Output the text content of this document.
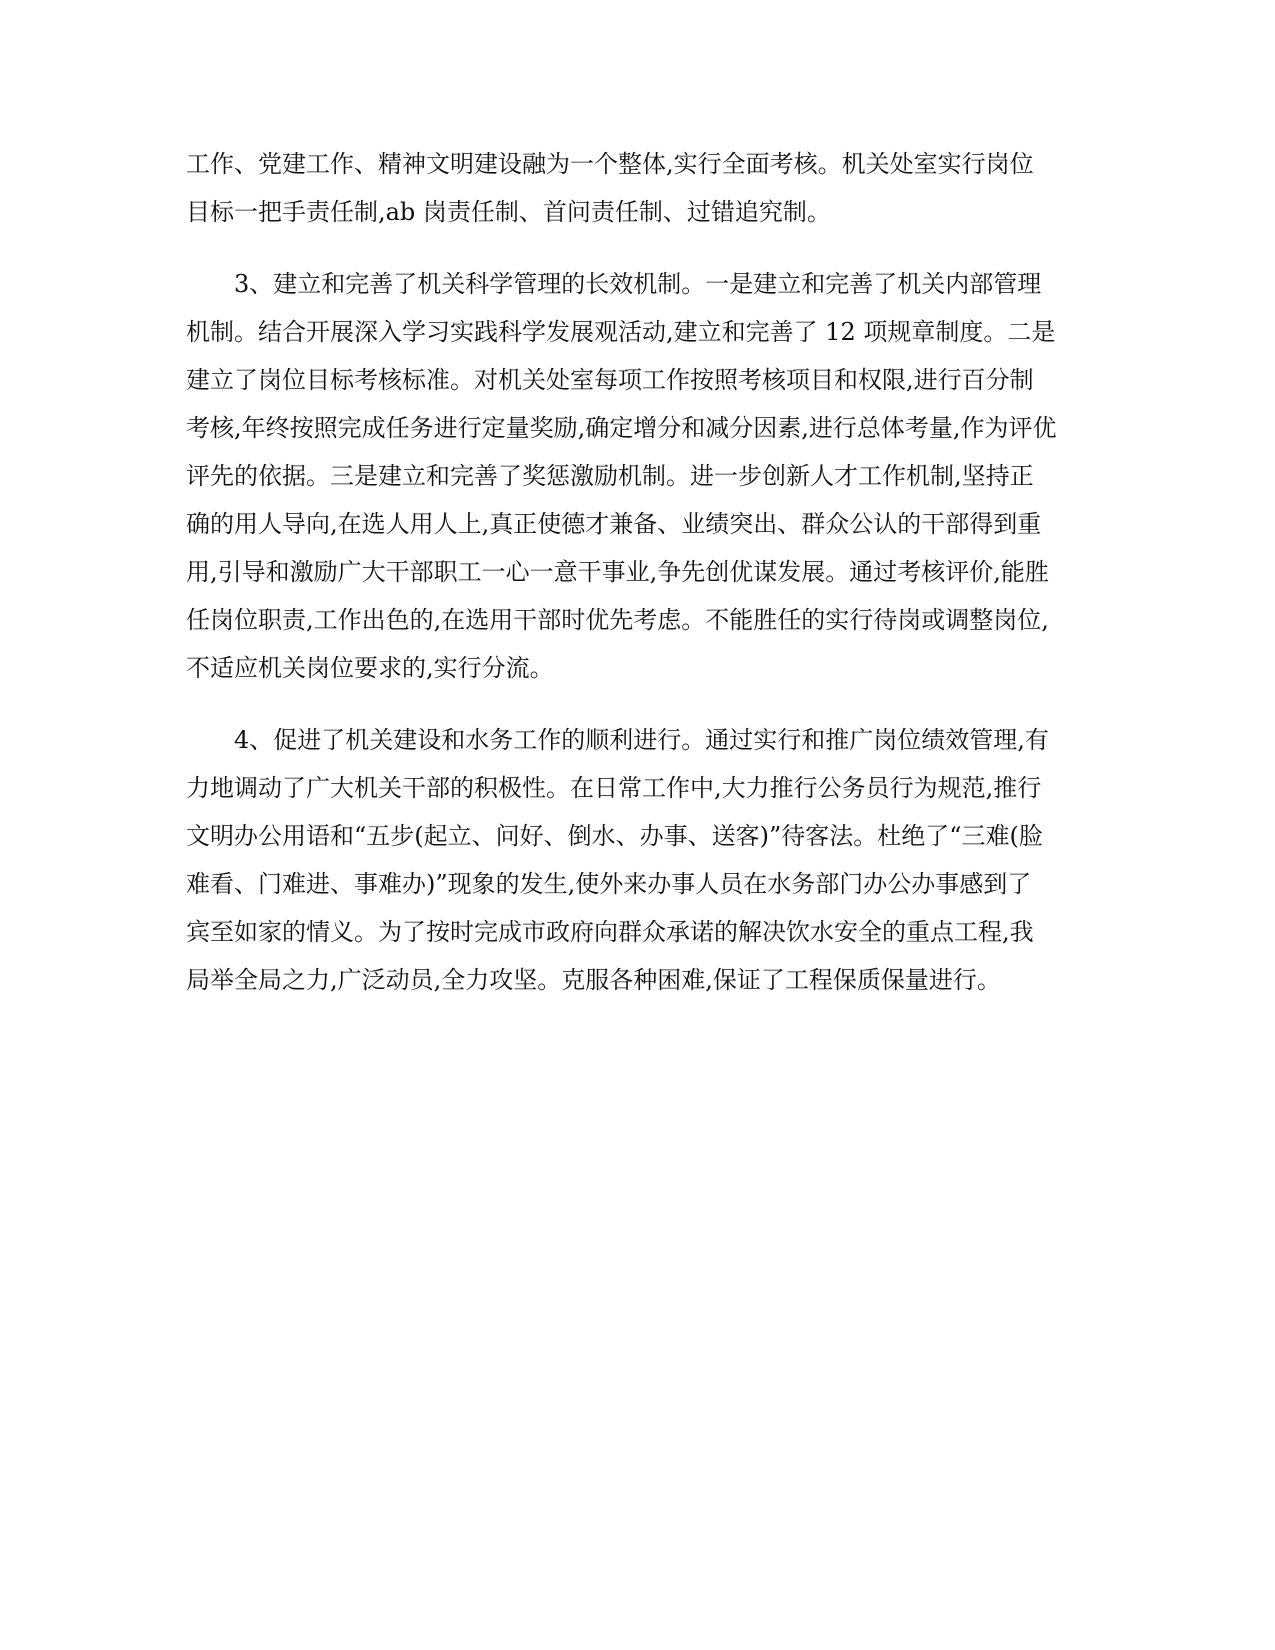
工作、党建工作、精神文明建设融为一个整体,实行全面考核。机关处室实行岗位
目标一把手责任制,ab 岗责任制、首问责任制、过错追究制。
3、建立和完善了机关科学管理的长效机制。一是建立和完善了机关内部管理
机制。结合开展深入学习实践科学发展观活动,建立和完善了 12 项规章制度。二是
建立了岗位目标考核标准。对机关处室每项工作按照考核项目和权限,进行百分制
考核,年终按照完成任务进行定量奖励,确定增分和减分因素,进行总体考量,作为评优
评先的依据。三是建立和完善了奖惩激励机制。进一步创新人才工作机制,坚持正
确的用人导向,在选人用人上,真正使德才兼备、业绩突出、群众公认的干部得到重
用,引导和激励广大干部职工一心一意干事业,争先创优谋发展。通过考核评价,能胜
任岗位职责,工作出色的,在选用干部时优先考虑。不能胜任的实行待岗或调整岗位,
不适应机关岗位要求的,实行分流。
4、促进了机关建设和水务工作的顺利进行。通过实行和推广岗位绩效管理,有
力地调动了广大机关干部的积极性。在日常工作中,大力推行公务员行为规范,推行
文明办公用语和“五步(起立、问好、倒水、办事、送客)”待客法。杜绝了“三难(脸
难看、门难进、事难办)”现象的发生,使外来办事人员在水务部门办公办事感到了
宾至如家的情义。为了按时完成市政府向群众承诺的解决饮水安全的重点工程,我
局举全局之力,广泛动员,全力攻坚。克服各种困难,保证了工程保质保量进行。
